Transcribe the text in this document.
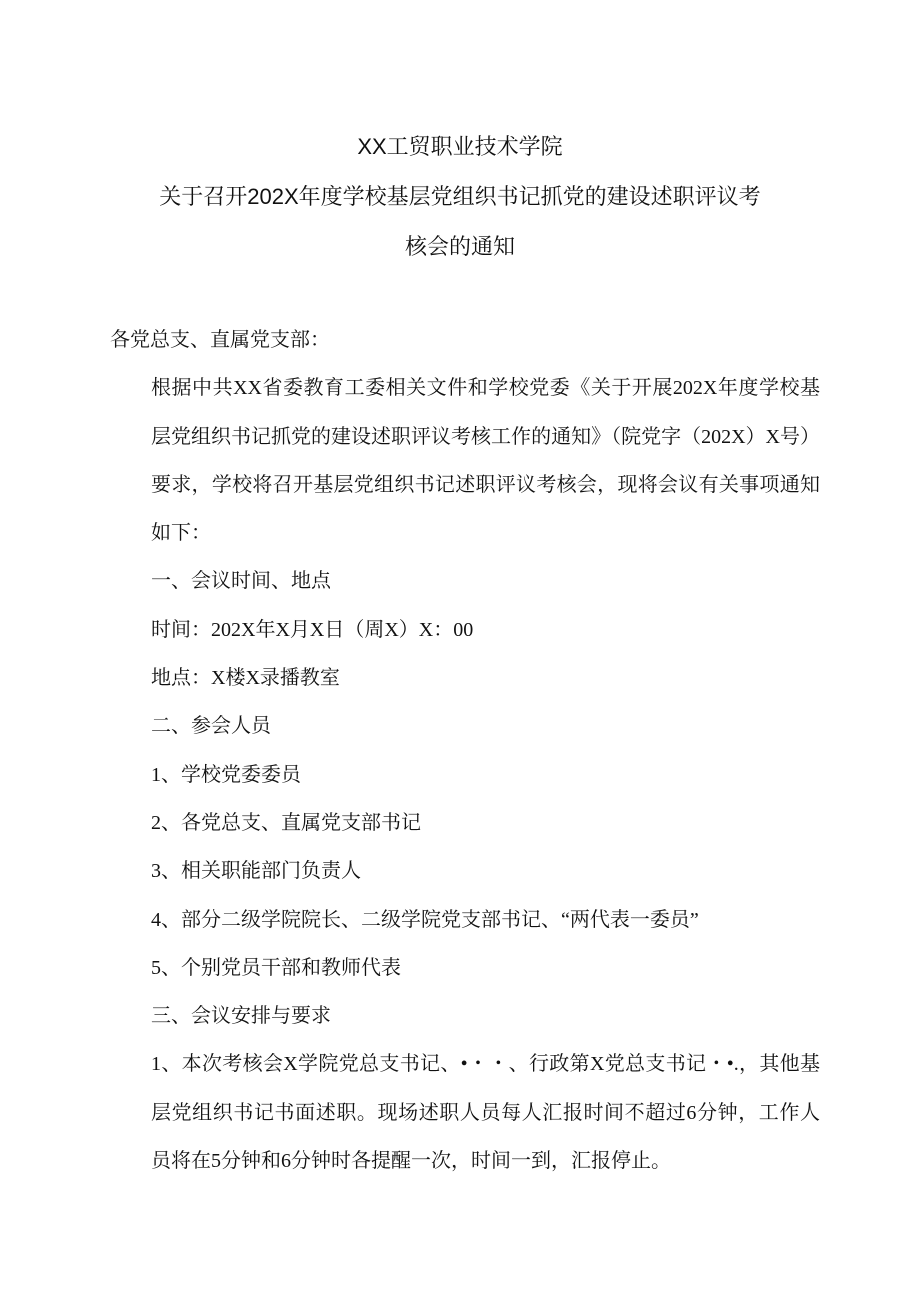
XX工贸职业技术学院
关于召开202X年度学校基层党组织书记抓党的建设述职评议考
核会的通知

各党总支、直属党支部：

根据中共XX省委教育工委相关文件和学校党委《关于开展202X年度学校基层党组织书记抓党的建设述职评议考核工作的通知》（院党字（202X）X号）要求，学校将召开基层党组织书记述职评议考核会，现将会议有关事项通知如下：

一、会议时间、地点

时间：202X年X月X日（周X）X：00

地点：X楼X录播教室

二、参会人员

1、学校党委委员

2、各党总支、直属党支部书记

3、相关职能部门负责人

4、部分二级学院院长、二级学院党支部书记、“两代表一委员”

5、个别党员干部和教师代表

三、会议安排与要求

1、本次考核会X学院党总支书记、•・・、行政第X党总支书记・•.，其他基层党组织书记书面述职。现场述职人员每人汇报时间不超过6分钟，工作人员将在5分钟和6分钟时各提醒一次，时间一到，汇报停止。
